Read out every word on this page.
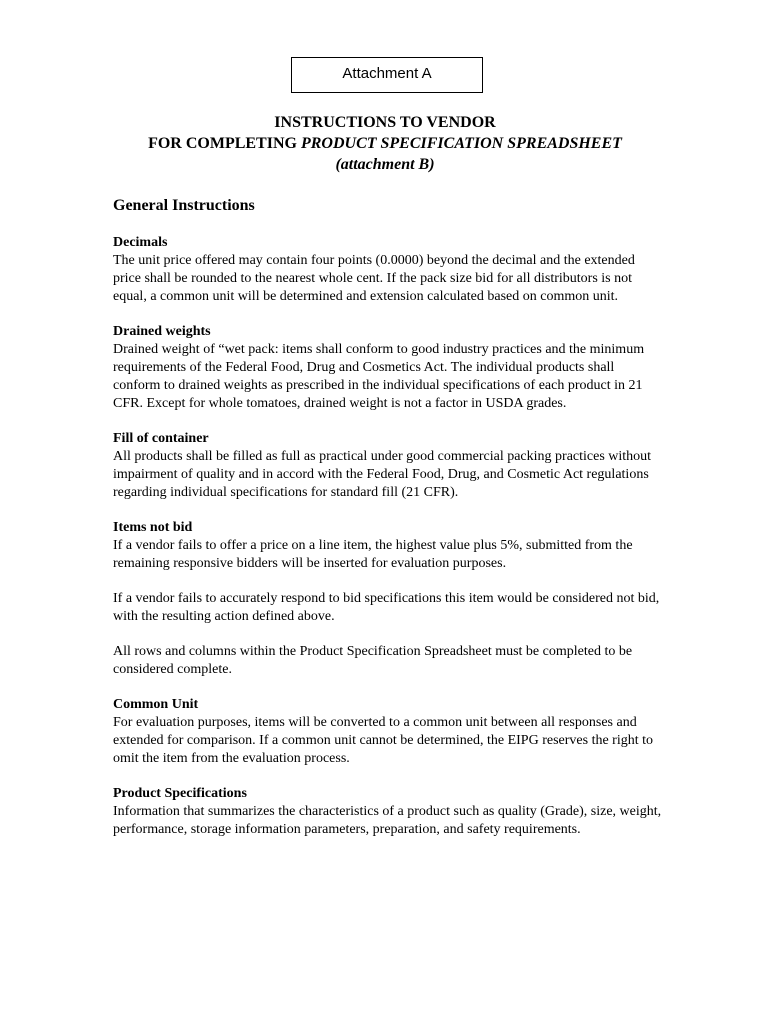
Attachment A
INSTRUCTIONS TO VENDOR
FOR COMPLETING PRODUCT SPECIFICATION SPREADSHEET
(attachment B)
General Instructions

Decimals

The unit price offered may contain four points (0.0000) beyond the decimal and the extended price shall be rounded to the nearest whole cent. If the pack size bid for all distributors is not equal, a common unit will be determined and extension calculated based on common unit.

Drained weights

Drained weight of “wet pack: items shall conform to good industry practices and the minimum requirements of the Federal Food, Drug and Cosmetics Act. The individual products shall conform to drained weights as prescribed in the individual specifications of each product in 21 CFR. Except for whole tomatoes, drained weight is not a factor in USDA grades.

Fill of container

All products shall be filled as full as practical under good commercial packing practices without impairment of quality and in accord with the Federal Food, Drug, and Cosmetic Act regulations regarding individual specifications for standard fill (21 CFR).

Items not bid

If a vendor fails to offer a price on a line item, the highest value plus 5%, submitted from the remaining responsive bidders will be inserted for evaluation purposes.

If a vendor fails to accurately respond to bid specifications this item would be considered not bid, with the resulting action defined above.

All rows and columns within the Product Specification Spreadsheet must be completed to be considered complete.

Common Unit

For evaluation purposes, items will be converted to a common unit between all responses and extended for comparison. If a common unit cannot be determined, the EIPG reserves the right to omit the item from the evaluation process.

Product Specifications

Information that summarizes the characteristics of a product such as quality (Grade), size, weight, performance, storage information parameters, preparation, and safety requirements.
